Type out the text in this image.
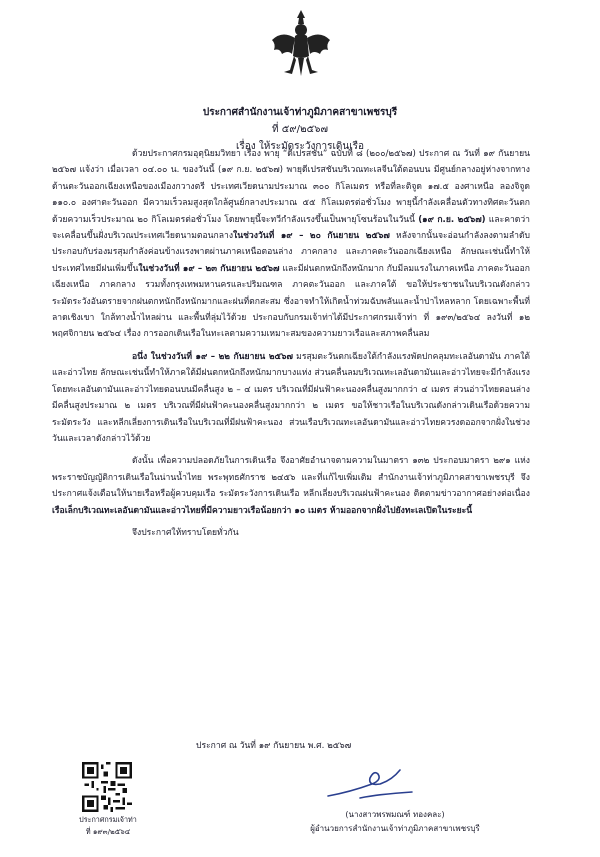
ประกาศสำนักงานเจ้าท่าภูมิภาคสาขาเพชรบุรี
ที่ ๕๙/๒๕๖๗
เรื่อง ให้ระมัดระวังการเดินเรือ

ด้วยประกาศกรมอุตุนิยมวิทยา เรื่อง พายุ “ดีเปรสชัน” ฉบับที่ ๘ (๒๐๐/๒๕๖๗) ประกาศ ณ วันที่ ๑๙ กันยายน ๒๕๖๗ แจ้งว่า เมื่อเวลา ๐๔.๐๐ น. ของวันนี้ (๑๙ ก.ย. ๒๕๖๗) พายุดีเปรสชันบริเวณทะเลจีนใต้ตอนบน มีศูนย์กลางอยู่ห่างจากทางด้านตะวันออกเฉียงเหนือของเมืองกวางตรี ประเทศเวียดนามประมาณ ๓๐๐ กิโลเมตร หรือที่ละติจูด ๑๗.๕ องศาเหนือ ลองจิจูด ๑๑๐.๐ องศาตะวันออก มีความเร็วลมสูงสุดใกล้ศูนย์กลางประมาณ ๕๕ กิโลเมตรต่อชั่วโมง พายุนี้กำลังเคลื่อนตัวทางทิศตะวันตก ด้วยความเร็วประมาณ ๒๐ กิโลเมตรต่อชั่วโมง โดยพายุนี้จะทวีกำลังแรงขึ้นเป็นพายุโซนร้อนในวันนี้ (๑๙ ก.ย. ๒๕๖๗) และคาดว่าจะเคลื่อนขึ้นฝั่งบริเวณประเทศเวียดนามตอนกลางในช่วงวันที่ ๑๙ – ๒๐ กันยายน ๒๕๖๗ หลังจากนั้นจะอ่อนกำลังลงตามลำดับ ประกอบกับร่องมรสุมกำลังค่อนข้างแรงพาดผ่านภาคเหนือตอนล่าง ภาคกลาง และภาคตะวันออกเฉียงเหนือ ลักษณะเช่นนี้ทำให้ประเทศไทยมีฝนเพิ่มขึ้นในช่วงวันที่ ๑๙ – ๒๓ กันยายน ๒๕๖๗ และมีฝนตกหนักถึงหนักมาก กับมีลมแรงในภาคเหนือ ภาคตะวันออกเฉียงเหนือ ภาคกลาง รวมทั้งกรุงเทพมหานครและปริมณฑล ภาคตะวันออก และภาคใต้ ขอให้ประชาชนในบริเวณดังกล่าวระมัดระวังอันตรายจากฝนตกหนักถึงหนักมากและฝนที่ตกสะสม ซึ่งอาจทำให้เกิดน้ำท่วมฉับพลันและน้ำป่าไหลหลาก โดยเฉพาะพื้นที่ลาดเชิงเขา ใกล้ทางน้ำไหลผ่าน และพื้นที่ลุ่มไว้ด้วย ประกอบกับกรมเจ้าท่าได้มีประกาศกรมเจ้าท่า ที่ ๑๙๓/๒๕๖๔ ลงวันที่ ๑๒ พฤศจิกายน ๒๕๖๔ เรื่อง การออกเดินเรือในทะเลตามความเหมาะสมของความยาวเรือและสภาพคลื่นลม

อนึ่ง ในช่วงวันที่ ๑๙ – ๒๒ กันยายน ๒๕๖๗ มรสุมตะวันตกเฉียงใต้กำลังแรงพัดปกคลุมทะเลอันดามัน ภาคใต้ และอ่าวไทย ลักษณะเช่นนี้ทำให้ภาคใต้มีฝนตกหนักถึงหนักมากบางแห่ง ส่วนคลื่นลมบริเวณทะเลอันดามันและอ่าวไทยจะมีกำลังแรง โดยทะเลอันดามันและอ่าวไทยตอนบนมีคลื่นสูง ๒ – ๔ เมตร บริเวณที่มีฝนฟ้าคะนองคลื่นสูงมากกว่า ๔ เมตร ส่วนอ่าวไทยตอนล่างมีคลื่นสูงประมาณ ๒ เมตร บริเวณที่มีฝนฟ้าคะนองคลื่นสูงมากกว่า ๒ เมตร ขอให้ชาวเรือในบริเวณดังกล่าวเดินเรือด้วยความระมัดระวัง และหลีกเลี่ยงการเดินเรือในบริเวณที่มีฝนฟ้าคะนอง ส่วนเรือบริเวณทะเลอันดามันและอ่าวไทยควรงดออกจากฝั่งในช่วงวันและเวลาดังกล่าวไว้ด้วย

ดังนั้น เพื่อความปลอดภัยในการเดินเรือ จึงอาศัยอำนาจตามความในมาตรา ๑๓๒ ประกอบมาตรา ๒๙๑ แห่งพระราชบัญญัติการเดินเรือในน่านน้ำไทย พระพุทธศักราช ๒๔๕๖ และที่แก้ไขเพิ่มเติม สำนักงานเจ้าท่าภูมิภาคสาขาเพชรบุรี จึงประกาศแจ้งเตือนให้นายเรือหรือผู้ควบคุมเรือ ระมัดระวังการเดินเรือ หลีกเลี่ยงบริเวณฝนฟ้าคะนอง ติดตามข่าวอากาศอย่างต่อเนื่อง เรือเล็กบริเวณทะเลอันดามันและอ่าวไทยที่มีความยาวเรือน้อยกว่า ๑๐ เมตร ห้ามออกจากฝั่งไปยังทะเลเปิดในระยะนี้

จึงประกาศให้ทราบโดยทั่วกัน

ประกาศ ณ วันที่ ๑๙ กันยายน พ.ศ. ๒๕๖๗
ประกาศกรมเจ้าท่า
ที่ ๑๙๓/๒๕๖๔
(นางสาวพรพมณฑ์ ทองคละ)
ผู้อำนวยการสำนักงานเจ้าท่าภูมิภาคสาขาเพชรบุรี
